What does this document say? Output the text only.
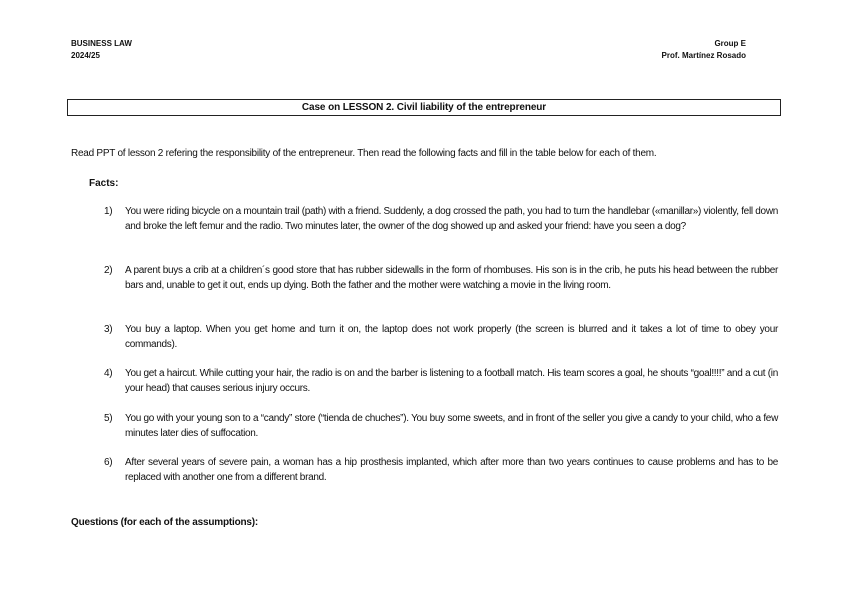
BUSINESS LAW
2024/25
Group E
Prof. Martínez Rosado
Case on LESSON 2. Civil liability of the entrepreneur
Read PPT of lesson 2 refering the responsibility of the entrepreneur. Then read the following facts and fill in the table below for each of them.
Facts:
1)	You were riding bicycle on a mountain trail (path) with a friend. Suddenly, a dog crossed the path, you had to turn the handlebar («manillar») violently, fell down and broke the left femur and the radio. Two minutes later, the owner of the dog showed up and asked your friend: have you seen a dog?
2)	A parent buys a crib at a children´s good store that has rubber sidewalls in the form of rhombuses. His son is in the crib, he puts his head between the rubber bars and, unable to get it out, ends up dying. Both the father and the mother were watching a movie in the living room.
3)	You buy a laptop. When you get home and turn it on, the laptop does not work properly (the screen is blurred and it takes a lot of time to obey your commands).
4)	You get a haircut. While cutting your hair, the radio is on and the barber is listening to a football match. His team scores a goal, he shouts “goal!!!!” and a cut (in your head) that causes serious injury occurs.
5)	You go with your young son to a “candy” store (“tienda de chuches”). You buy some sweets, and in front of the seller you give a candy to your child, who a few minutes later dies of suffocation.
6)	After several years of severe pain, a woman has a hip prosthesis implanted, which after more than two years continues to cause problems and has to be replaced with another one from a different brand.
Questions (for each of the assumptions):
